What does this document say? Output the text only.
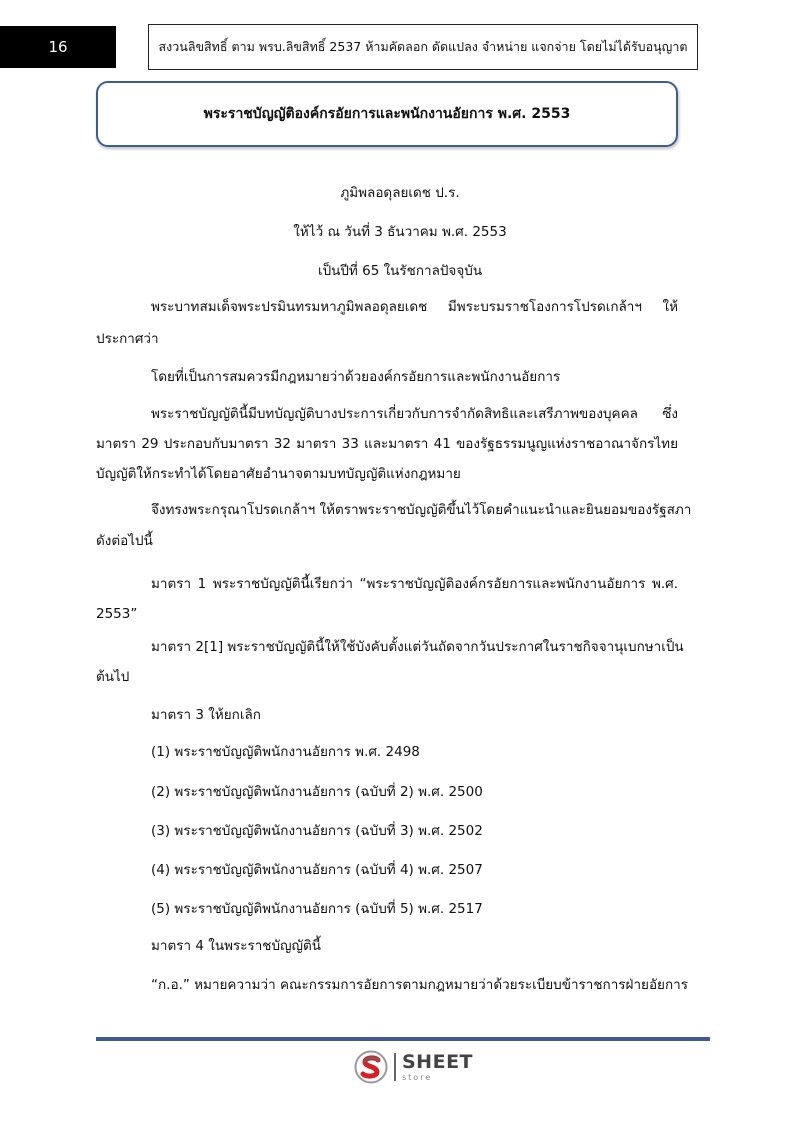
16	สงวนลิขสิทธิ์ ตาม พรบ.ลิขสิทธิ์ 2537 ห้ามคัดลอก ดัดแปลง จำหน่าย แจกจ่าย โดยไม่ได้รับอนุญาต
พระราชบัญญัติองค์กรอัยการและพนักงานอัยการ พ.ศ. 2553
ภูมิพลอดุลยเดช ป.ร.
ให้ไว้ ณ วันที่ 3 ธันวาคม พ.ศ. 2553
เป็นปีที่ 65 ในรัชกาลปัจจุบัน
พระบาทสมเด็จพระปรมินทรมหาภูมิพลอดุลยเดช มีพระบรมราชโองการโปรดเกล้าฯ ให้
ประกาศว่า
โดยที่เป็นการสมควรมีกฎหมายว่าด้วยองค์กรอัยการและพนักงานอัยการ
พระราชบัญญัตินี้มีบทบัญญัติบางประการเกี่ยวกับการจำกัดสิทธิและเสรีภาพของบุคคล ซึ่ง
มาตรา 29 ประกอบกับมาตรา 32 มาตรา 33 และมาตรา 41 ของรัฐธรรมนูญแห่งราชอาณาจักรไทย
บัญญัติให้กระทำได้โดยอาศัยอำนาจตามบทบัญญัติแห่งกฎหมาย
จึงทรงพระกรุณาโปรดเกล้าฯ ให้ตราพระราชบัญญัติขึ้นไว้โดยคำแนะนำและยินยอมของรัฐสภา
ดังต่อไปนี้
มาตรา 1 พระราชบัญญัตินี้เรียกว่า “พระราชบัญญัติองค์กรอัยการและพนักงานอัยการ พ.ศ.
2553”
มาตรา 2[1] พระราชบัญญัตินี้ให้ใช้บังคับตั้งแต่วันถัดจากวันประกาศในราชกิจจานุเบกษาเป็น
ต้นไป
มาตรา 3 ให้ยกเลิก
(1) พระราชบัญญัติพนักงานอัยการ พ.ศ. 2498
(2) พระราชบัญญัติพนักงานอัยการ (ฉบับที่ 2) พ.ศ. 2500
(3) พระราชบัญญัติพนักงานอัยการ (ฉบับที่ 3) พ.ศ. 2502
(4) พระราชบัญญัติพนักงานอัยการ (ฉบับที่ 4) พ.ศ. 2507
(5) พระราชบัญญัติพนักงานอัยการ (ฉบับที่ 5) พ.ศ. 2517
มาตรา 4 ในพระราชบัญญัตินี้
“ก.อ.” หมายความว่า คณะกรรมการอัยการตามกฎหมายว่าด้วยระเบียบข้าราชการฝ่ายอัยการ
SHEET
store
